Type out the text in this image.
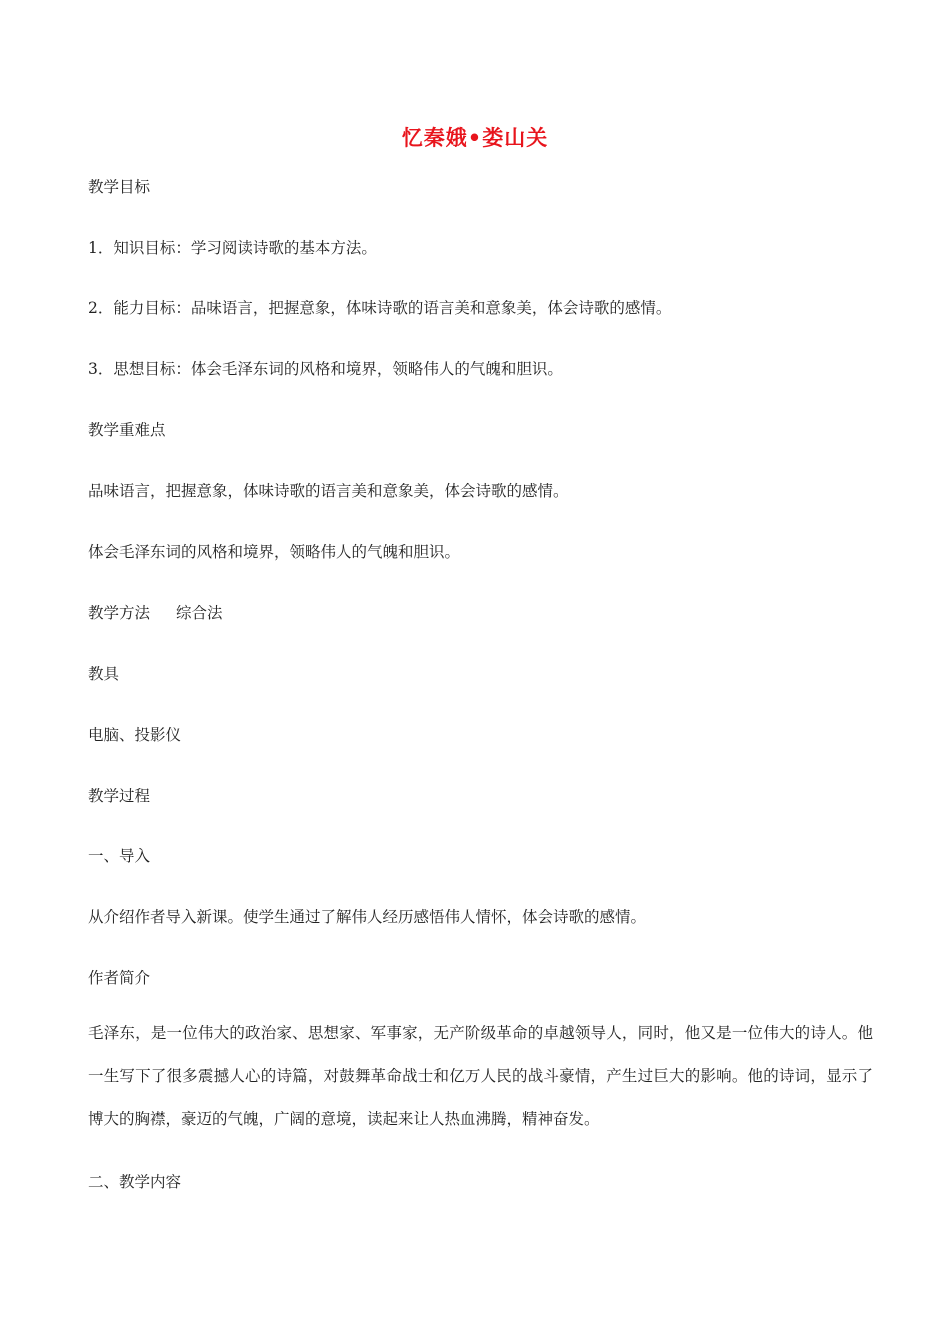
忆秦娥•娄山关
教学目标
1．知识目标：学习阅读诗歌的基本方法。
2．能力目标：品味语言，把握意象，体味诗歌的语言美和意象美，体会诗歌的感情。
3．思想目标：体会毛泽东词的风格和境界，领略伟人的气魄和胆识。
教学重难点
品味语言，把握意象，体味诗歌的语言美和意象美，体会诗歌的感情。
体会毛泽东词的风格和境界，领略伟人的气魄和胆识。
教学方法 综合法
教具
电脑、投影仪
教学过程
一、导入
从介绍作者导入新课。使学生通过了解伟人经历感悟伟人情怀，体会诗歌的感情。
作者简介
毛泽东，是一位伟大的政治家、思想家、军事家，无产阶级革命的卓越领导人，同时，他又是一位伟大的诗人。他一生写下了很多震撼人心的诗篇，对鼓舞革命战士和亿万人民的战斗豪情，产生过巨大的影响。他的诗词，显示了博大的胸襟，豪迈的气魄，广阔的意境，读起来让人热血沸腾，精神奋发。
二、教学内容
